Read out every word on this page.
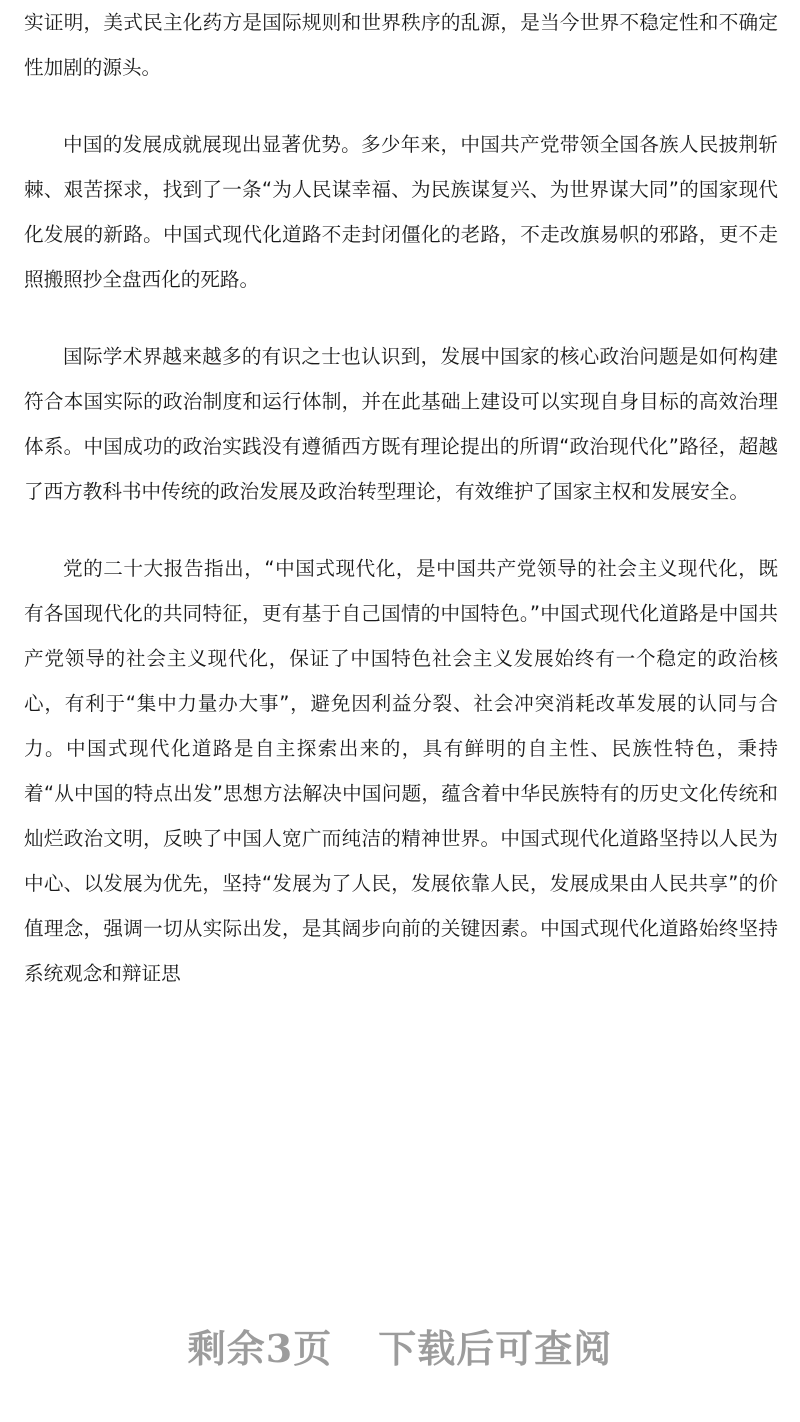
实证明，美式民主化药方是国际规则和世界秩序的乱源，是当今世界不稳定性和不确定性加剧的源头。

中国的发展成就展现出显著优势。多少年来，中国共产党带领全国各族人民披荆斩棘、艰苦探求，找到了一条“为人民谋幸福、为民族谋复兴、为世界谋大同”的国家现代化发展的新路。中国式现代化道路不走封闭僵化的老路，不走改旗易帜的邪路，更不走照搬照抄全盘西化的死路。

国际学术界越来越多的有识之士也认识到，发展中国家的核心政治问题是如何构建符合本国实际的政治制度和运行体制，并在此基础上建设可以实现自身目标的高效治理体系。中国成功的政治实践没有遵循西方既有理论提出的所谓“政治现代化”路径，超越了西方教科书中传统的政治发展及政治转型理论，有效维护了国家主权和发展安全。

党的二十大报告指出，“中国式现代化，是中国共产党领导的社会主义现代化，既有各国现代化的共同特征，更有基于自己国情的中国特色。”中国式现代化道路是中国共产党领导的社会主义现代化，保证了中国特色社会主义发展始终有一个稳定的政治核心，有利于“集中力量办大事”，避免因利益分裂、社会冲突消耗改革发展的认同与合力。中国式现代化道路是自主探索出来的，具有鲜明的自主性、民族性特色，秉持着“从中国的特点出发”思想方法解决中国问题，蕴含着中华民族特有的历史文化传统和灿烂政治文明，反映了中国人宽广而纯洁的精神世界。中国式现代化道路坚持以人民为中心、以发展为优先，坚持“发展为了人民，发展依靠人民，发展成果由人民共享”的价值理念，强调一切从实际出发，是其阔步向前的关键因素。中国式现代化道路始终坚持系统观念和辩证思

剩余3页 下载后可查阅
